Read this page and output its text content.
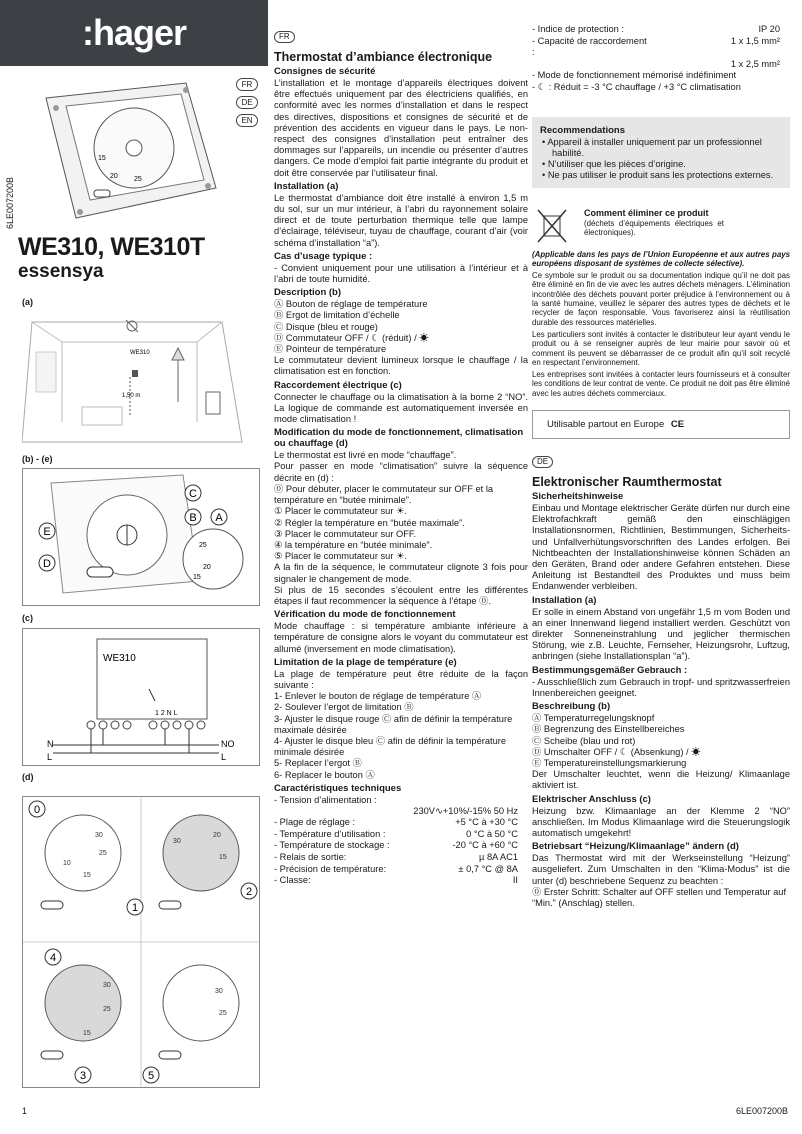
:hager
FR
DE
EN
6LE007200B
15
20 25
WE310, WE310T
essensya
(a)
WE310
1,50 m
(b) - (e)
25
20
15
C
B A
E
D
(c)
WE310
1 2 N L
N
L
NO
L
(d)
30
25
15
10
30
20
15
30
25
15
30
25
0
1
2
4
3	5
1
FR
Thermostat d’ambiance électronique
Consignes de sécurité

L’installation et le montage d’appareils électriques doivent être effectués uniquement par des électriciens qualifiés, en conformité avec les normes d’installation et dans le respect des directives, dispositions et consignes de sécurité et de prévention des accidents en vigueur dans le pays. Le non-respect des consignes d’installation peut entraîner des dommages sur l’appareils, un incendie ou présenter d’autres dangers. Ce mode d’emploi fait partie intégrante du produit et doit être conservée par l’utilisateur final.

Installation (a)

Le thermostat d’ambiance doit être installé à environ 1,5 m du sol, sur un mur intérieur, à l’abri du rayonnement solaire direct et de toute perturbation thermique telle que lampe d’éclairage, téléviseur, tuyau de chauffage, courant d’air (voir schéma d’installation “a”).

Cas d’usage typique :

- Convient uniquement pour une utilisation à l’intérieur et à l’abri de toute humidité.

Description (b)

Ⓐ Bouton de réglage de température

Ⓑ Ergot de limitation d’échelle

Ⓒ Disque (bleu et rouge)

Ⓓ Commutateur OFF / ☾ (réduit) / ☀

Ⓔ Pointeur de température

Le commutateur devient lumineux lorsque le chauffage / la climatisation est en fonction.

Raccordement électrique (c)

Connecter le chauffage ou la climatisation à la borne 2 “NO”. La logique de commande est automatiquement inversée en mode climatisation !

Modification du mode de fonctionnement, climatisation ou chauffage (d)

Le thermostat est livré en mode “chauffage”.

Pour passer en mode “climatisation” suivre la séquence décrite en (d) :

⓪ Pour débuter, placer le commutateur sur OFF et la température en “butée minimale”.

① Placer le commutateur sur ☀.

② Régler la température en “butée maximale”.

③ Placer le commutateur sur OFF.

④ la température en “butée minimale”.

⑤ Placer le commutateur sur ☀.

A la fin de la séquence, le commutateur clignote 3 fois pour signaler le changement de mode.

Si plus de 15 secondes s’écoulent entre les différentes étapes il faut recommencer la séquence à l’étape ⓪.

Vérification du mode de fonctionnement

Mode chauffage : si température ambiante inférieure à température de consigne alors le voyant du commutateur est allumé (inversement en mode climatisation).

Limitation de la plage de température (e)

La plage de température peut être réduite de la façon suivante :

1- Enlever le bouton de réglage de température Ⓐ

2- Soulever l’ergot de limitation Ⓑ

3- Ajuster le disque rouge Ⓒ afin de définir la température maximale désirée

4- Ajuster le disque bleu Ⓒ afin de définir la température minimale désirée

5- Replacer l’ergot Ⓑ

6- Replacer le bouton Ⓐ

Caractéristiques techniques

- Tension d’alimentation :

230V∿+10%/-15% 50 Hz

- Plage de réglage :	+5 °C à +30 °C
- Température d’utilisation :	0 °C à 50 °C
- Température de stockage :	-20 °C à +60 °C
- Relais de sortie:	µ 8A AC1
- Précision de température:	± 0,7 °C @ 8A
- Classe:	II
- Indice de protection :	IP 20
- Capacité de raccordement :
1 x 1,5 mm²
1 x 2,5 mm²

- Mode de fonctionnement mémorisé indéfiniment

- ☾ : Réduit = -3 °C chauffage / +3 °C climatisation

Recommendations

• Appareil à installer uniquement par un professionnel habilité.

• N’utiliser que les pièces d’origine.

• Ne pas utiliser le produit sans les protections externes.

Comment éliminer ce produit

(déchets d’équipements électriques et électroniques).

(Applicable dans les pays de l’Union Européenne et aux autres pays européens disposant de systèmes de collecte sélective).

Ce symbole sur le produit ou sa documentation indique qu’il ne doit pas être éliminé en fin de vie avec les autres déchets ménagers. L’élimination incontrôlée des déchets pouvant porter préjudice à l’environnement ou à la santé humaine, veuillez le séparer des autres types de déchets et le recycler de façon responsable. Vous favoriserez ainsi la réutilisation durable des ressources matérielles.

Les particuliers sont invités à contacter le distributeur leur ayant vendu le produit ou à se renseigner auprès de leur mairie pour savoir où et comment ils peuvent se débarrasser de ce produit afin qu’il soit recyclé en respectant l’environnement.

Les entreprises sont invitées à contacter leurs fournisseurs et à consulter les conditions de leur contrat de vente. Ce produit ne doit pas être éliminé avec les autres déchets commerciaux.

Utilisable partout en Europe CE
DE
Elektronischer Raumthermostat
Sicherheitshinweise

Einbau und Montage elektrischer Geräte dürfen nur durch eine Elektrofachkraft gemäß den einschlägigen Installationsnormen, Richtlinien, Bestimmungen, Sicherheits- und Unfallverhütungsvorschriften des Landes erfolgen. Bei Nichtbeachten der Installationshinweise können Schäden an den Geräten, Brand oder andere Gefahren entstehen. Diese Anleitung ist Bestandteil des Produktes und muss beim Endanwender verbleiben.

Installation (a)

Er solle in einem Abstand von ungefähr 1,5 m vom Boden und an einer Innenwand liegend installiert werden. Geschützt von direkter Sonneneinstrahlung und jeglicher thermischen Störung, wie z.B. Leuchte, Fernseher, Heizungsrohr, Luftzug, anbringen (siehe Installationsplan “a”).

Bestimmungsgemäßer Gebrauch :

- Ausschließlich zum Gebrauch in tropf- und spritzwasserfreien Innenbereichen geeignet.

Beschreibung (b)

Ⓐ Temperaturregelungsknopf

Ⓑ Begrenzung des Einstellbereiches

Ⓒ Scheibe (blau und rot)

Ⓓ Umschalter OFF / ☾ (Absenkung) / ☀

Ⓔ Temperatureinstellungsmarkierung

Der Umschalter leuchtet, wenn die Heizung/ Klimaanlage aktiviert ist.

Elektrischer Anschluss (c)

Heizung bzw. Klimaanlage an der Klemme 2 “NO” anschließen. Im Modus Klimaanlage wird die Steuerungslogik automatisch umgekehrt!

Betriebsart “Heizung/Klimaanlage” ändern (d)

Das Thermostat wird mit der Werkseinstellung “Heizung” ausgeliefert. Zum Umschalten in den “Klima-Modus” ist die unter (d) beschriebene Sequenz zu beachten :

⓪ Erster Schritt: Schalter auf OFF stellen und Temperatur auf “Min.” (Anschlag) stellen.

6LE007200B
